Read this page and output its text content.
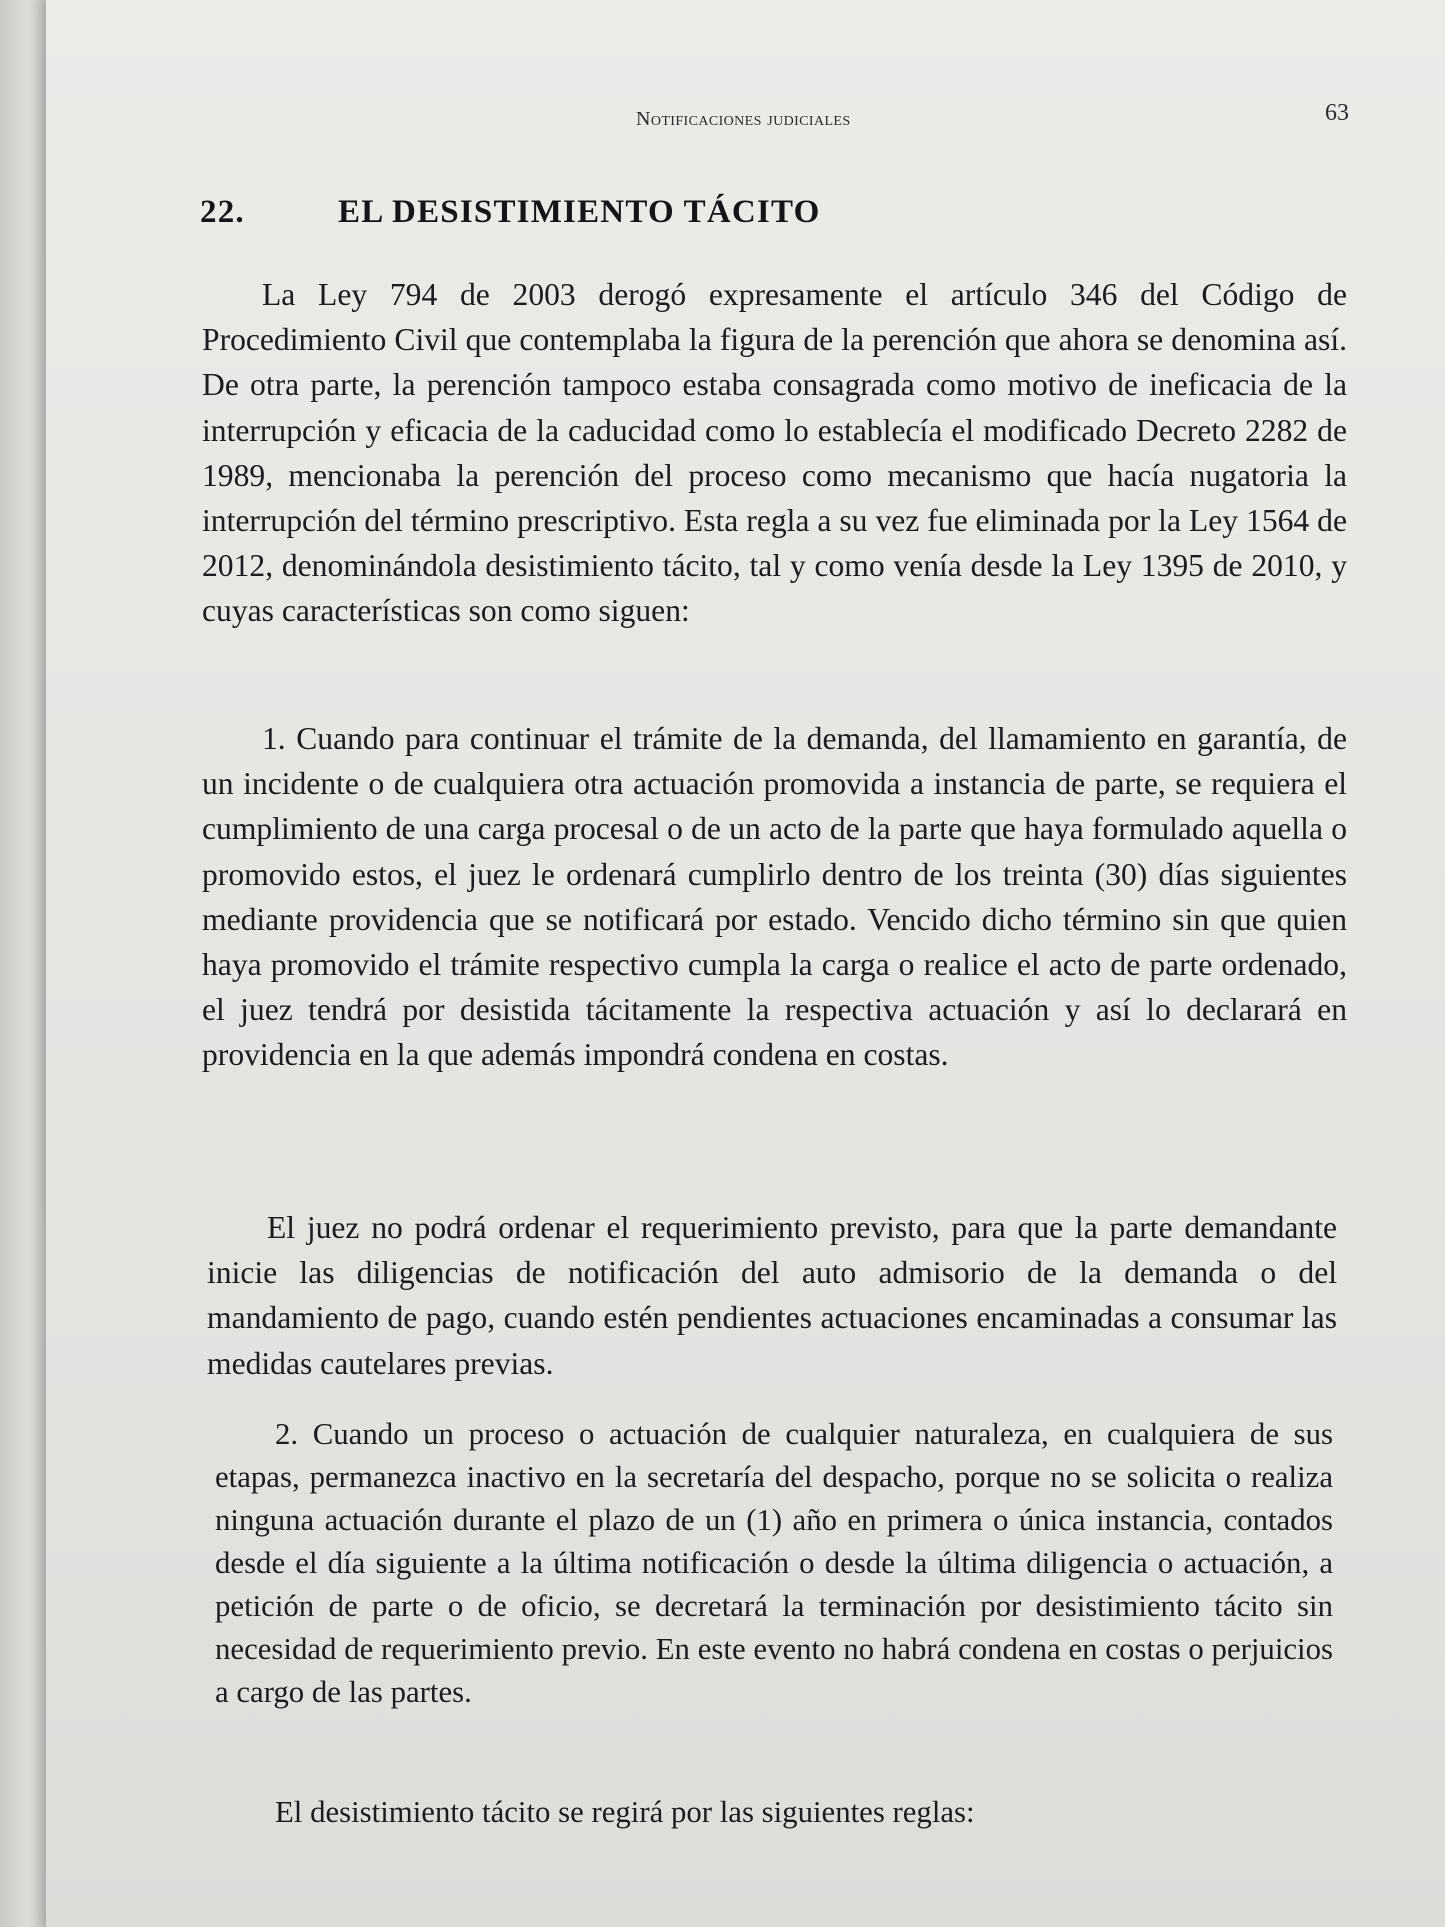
Notificaciones judiciales	63
22.	EL DESISTIMIENTO TÁCITO

La Ley 794 de 2003 derogó expresamente el artículo 346 del Código de Procedimiento Civil que contemplaba la figura de la perención que ahora se denomina así. De otra parte, la perención tampoco estaba consagrada como motivo de ineficacia de la interrupción y eficacia de la caducidad como lo establecía el modificado Decreto 2282 de 1989, mencionaba la perención del proceso como mecanismo que hacía nugatoria la interrupción del término prescriptivo. Esta regla a su vez fue eliminada por la Ley 1564 de 2012, denominándola desistimiento tácito, tal y como venía desde la Ley 1395 de 2010, y cuyas características son como siguen:

1. Cuando para continuar el trámite de la demanda, del llamamiento en garantía, de un incidente o de cualquiera otra actuación promovida a instancia de parte, se requiera el cumplimiento de una carga procesal o de un acto de la parte que haya formulado aquella o promovido estos, el juez le ordenará cumplirlo dentro de los treinta (30) días siguientes mediante providencia que se notificará por estado. Vencido dicho término sin que quien haya promovido el trámite respectivo cumpla la carga o realice el acto de parte ordenado, el juez tendrá por desistida tácitamente la respectiva actuación y así lo declarará en providencia en la que además impondrá condena en costas.

El juez no podrá ordenar el requerimiento previsto, para que la parte demandante inicie las diligencias de notificación del auto admisorio de la demanda o del mandamiento de pago, cuando estén pendientes actuaciones encaminadas a consumar las medidas cautelares previas.

2. Cuando un proceso o actuación de cualquier naturaleza, en cualquiera de sus etapas, permanezca inactivo en la secretaría del despacho, porque no se solicita o realiza ninguna actuación durante el plazo de un (1) año en primera o única instancia, contados desde el día siguiente a la última notificación o desde la última diligencia o actuación, a petición de parte o de oficio, se decretará la terminación por desistimiento tácito sin necesidad de requerimiento previo. En este evento no habrá condena en costas o perjuicios a cargo de las partes.

El desistimiento tácito se regirá por las siguientes reglas:
